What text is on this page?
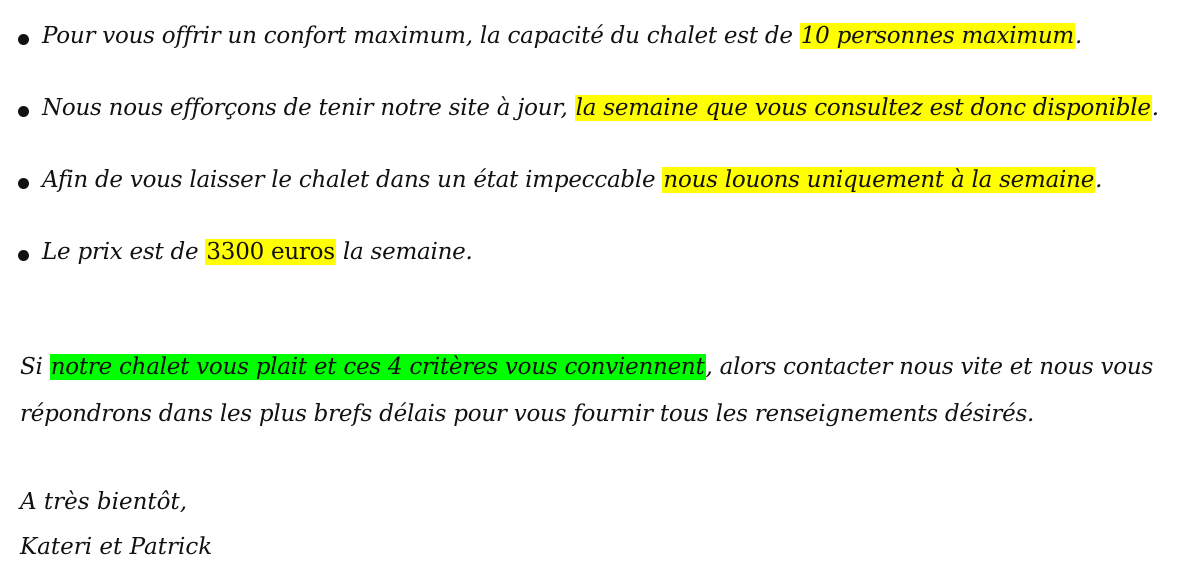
Pour vous offrir un confort maximum, la capacité du chalet est de 10 personnes maximum.
Nous nous efforçons de tenir notre site à jour, la semaine que vous consultez est donc disponible.
Afin de vous laisser le chalet dans un état impeccable nous louons uniquement à la semaine.
Le prix est de 3300 euros la semaine.
Si notre chalet vous plait et ces 4 critères vous conviennent, alors contacter nous vite et nous vous
répondrons dans les plus brefs délais pour vous fournir tous les renseignements désirés.
A très bientôt,
Kateri et Patrick
